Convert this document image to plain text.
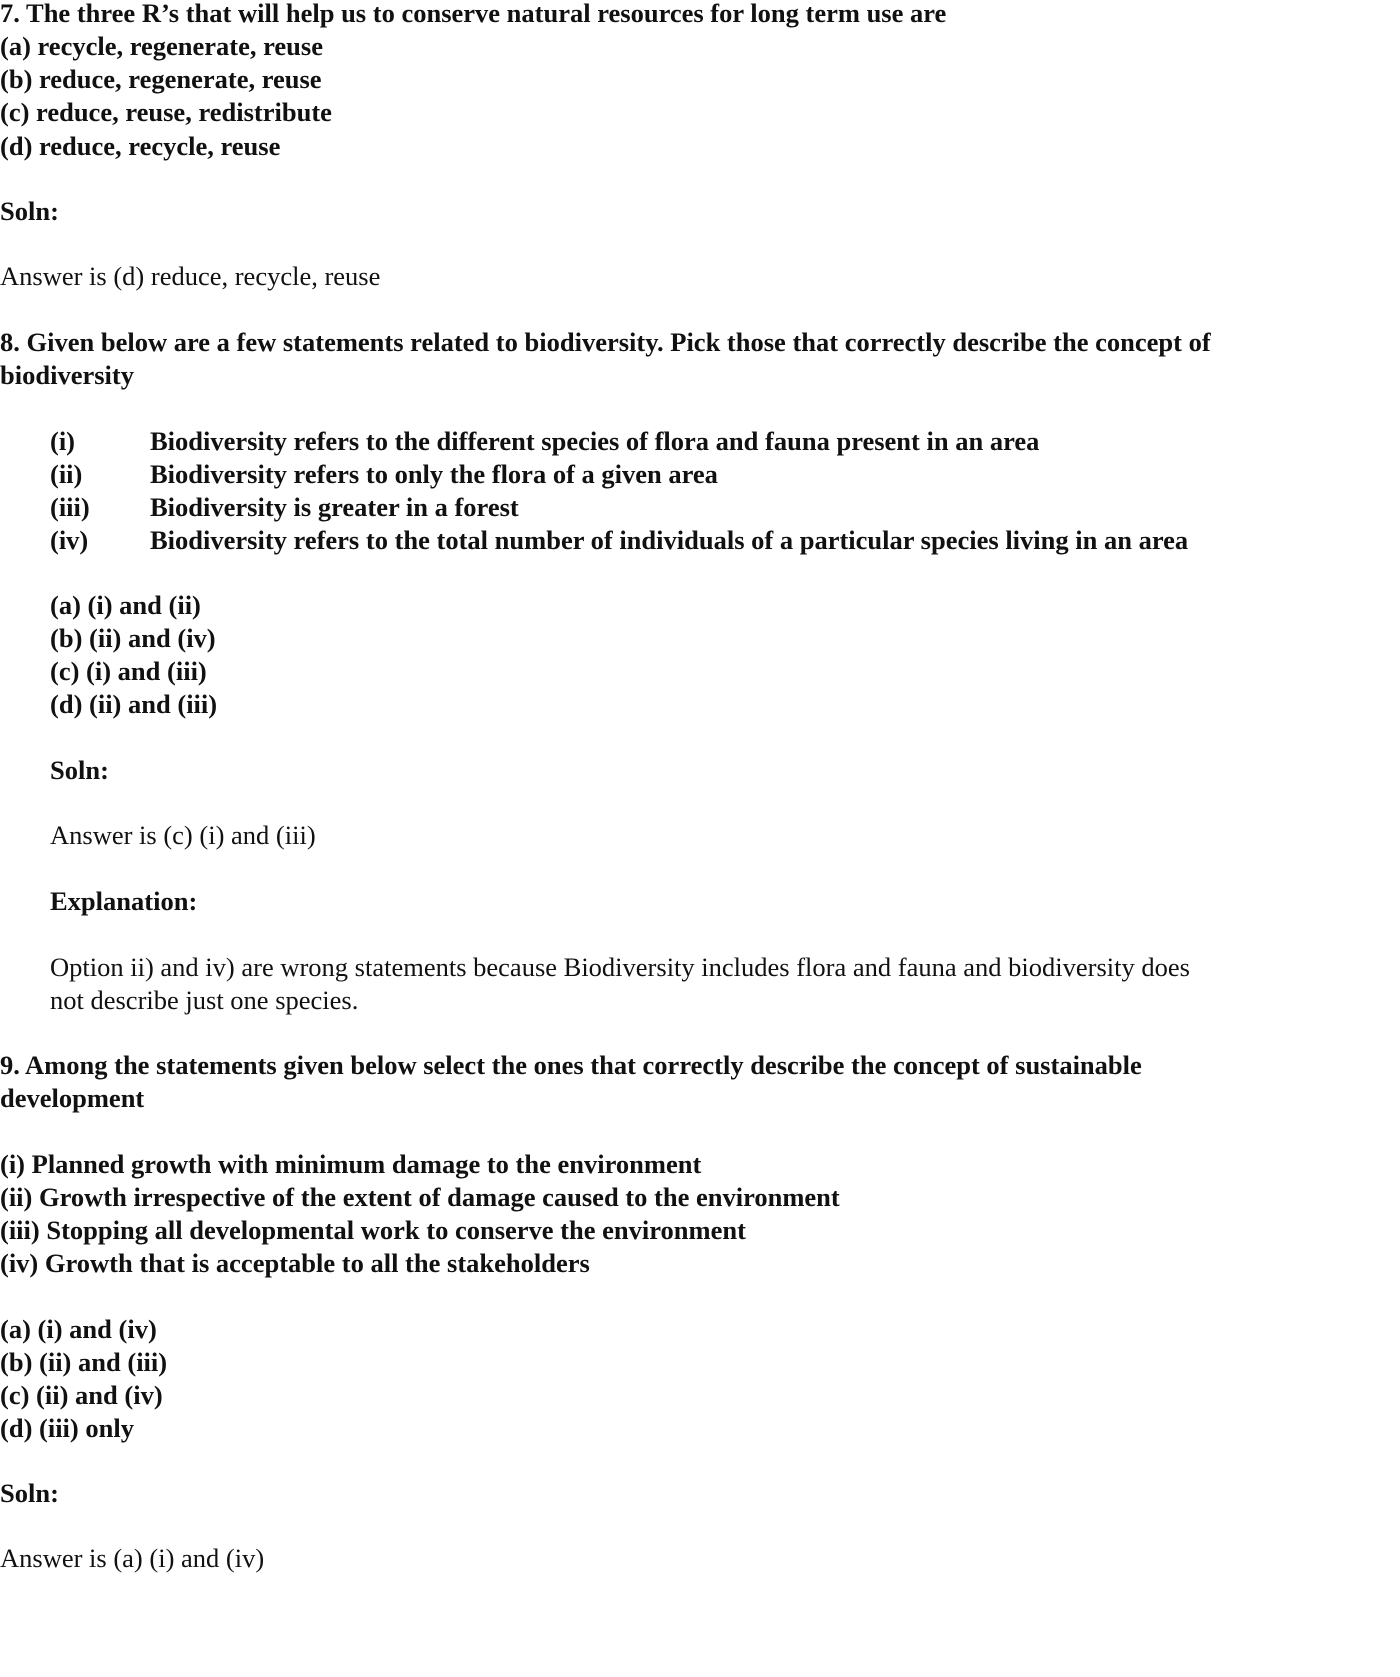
7. The three R’s that will help us to conserve natural resources for long term use are
(a) recycle, regenerate, reuse
(b) reduce, regenerate, reuse
(c) reduce, reuse, redistribute
(d) reduce, recycle, reuse
Soln:
Answer is (d) reduce, recycle, reuse
8. Given below are a few statements related to biodiversity. Pick those that correctly describe the concept of
biodiversity
(i)	Biodiversity refers to the different species of flora and fauna present in an area
(ii)	Biodiversity refers to only the flora of a given area
(iii) Biodiversity is greater in a forest
(iv) Biodiversity refers to the total number of individuals of a particular species living in an area
(a) (i) and (ii)
(b) (ii) and (iv)
(c) (i) and (iii)
(d) (ii) and (iii)
Soln:
Answer is (c) (i) and (iii)
Explanation:
Option ii) and iv) are wrong statements because Biodiversity includes flora and fauna and biodiversity does
not describe just one species.
9. Among the statements given below select the ones that correctly describe the concept of sustainable
development
(i) Planned growth with minimum damage to the environment
(ii) Growth irrespective of the extent of damage caused to the environment
(iii) Stopping all developmental work to conserve the environment
(iv) Growth that is acceptable to all the stakeholders
(a) (i) and (iv)
(b) (ii) and (iii)
(c) (ii) and (iv)
(d) (iii) only
Soln:
Answer is (a) (i) and (iv)
